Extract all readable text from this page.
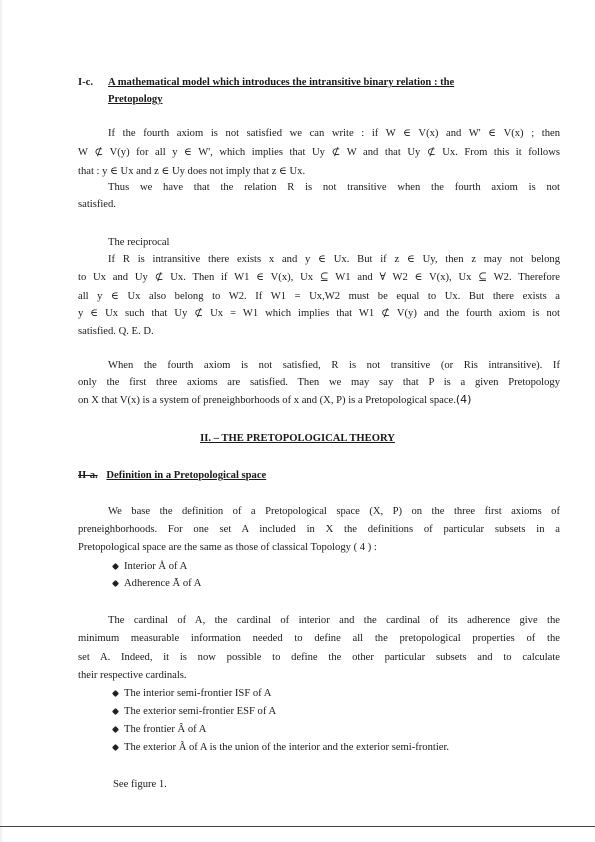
I-c. A mathematical model which introduces the intransitive binary relation : the
Pretopology
If the fourth axiom is not satisfied we can write : if W ∈ V(x) and W' ∈ V(x) ; then
W ⊄ V(y) for all y ∈ W', which implies that Uy ⊄ W and that Uy ⊄ Ux. From this it follows
that : y ∈ Ux and z ∈ Uy does not imply that z ∈ Ux.
Thus we have that the relation R is not transitive when the fourth axiom is not
satisfied.
The reciprocal
If R is intransitive there exists x and y ∈ Ux. But if z ∈ Uy, then z may not belong
to Ux and Uy ⊄ Ux. Then if W1 ∈ V(x), Ux ⊆ W1 and ∀ W2 ∈ V(x), Ux ⊆ W2. Therefore
all y ∈ Ux also belong to W2. If W1 = Ux,W2 must be equal to Ux. But there exists a
y ∈ Ux such that Uy ⊄ Ux = W1 which implies that W1 ⊄ V(y) and the fourth axiom is not
satisfied. Q. E. D.
When the fourth axiom is not satisfied, R is not transitive (or Ris intransitive). If
only the first three axioms are satisfied. Then we may say that P is a given Pretopology
on X that V(x) is a system of preneighborhoods of x and (X, P) is a Pretopological space.(4)
II. – THE PRETOPOLOGICAL THEORY
II-a. Definition in a Pretopological space
We base the definition of a Pretopological space (X, P) on the three first axioms of
preneighborhoods. For one set A included in X the definitions of particular subsets in a
Pretopological space are the same as those of classical Topology ( 4 ) :
Interior Å of A
Adherence Ā of A
The cardinal of A, the cardinal of interior and the cardinal of its adherence give the
minimum measurable information needed to define all the pretopological properties of the
set A. Indeed, it is now possible to define the other particular subsets and to calculate
their respective cardinals.
The interior semi-frontier ISF of A
The exterior semi-frontier ESF of A
The frontier Â of A
The exterior Ã of A is the union of the interior and the exterior semi-frontier.
See figure 1.
